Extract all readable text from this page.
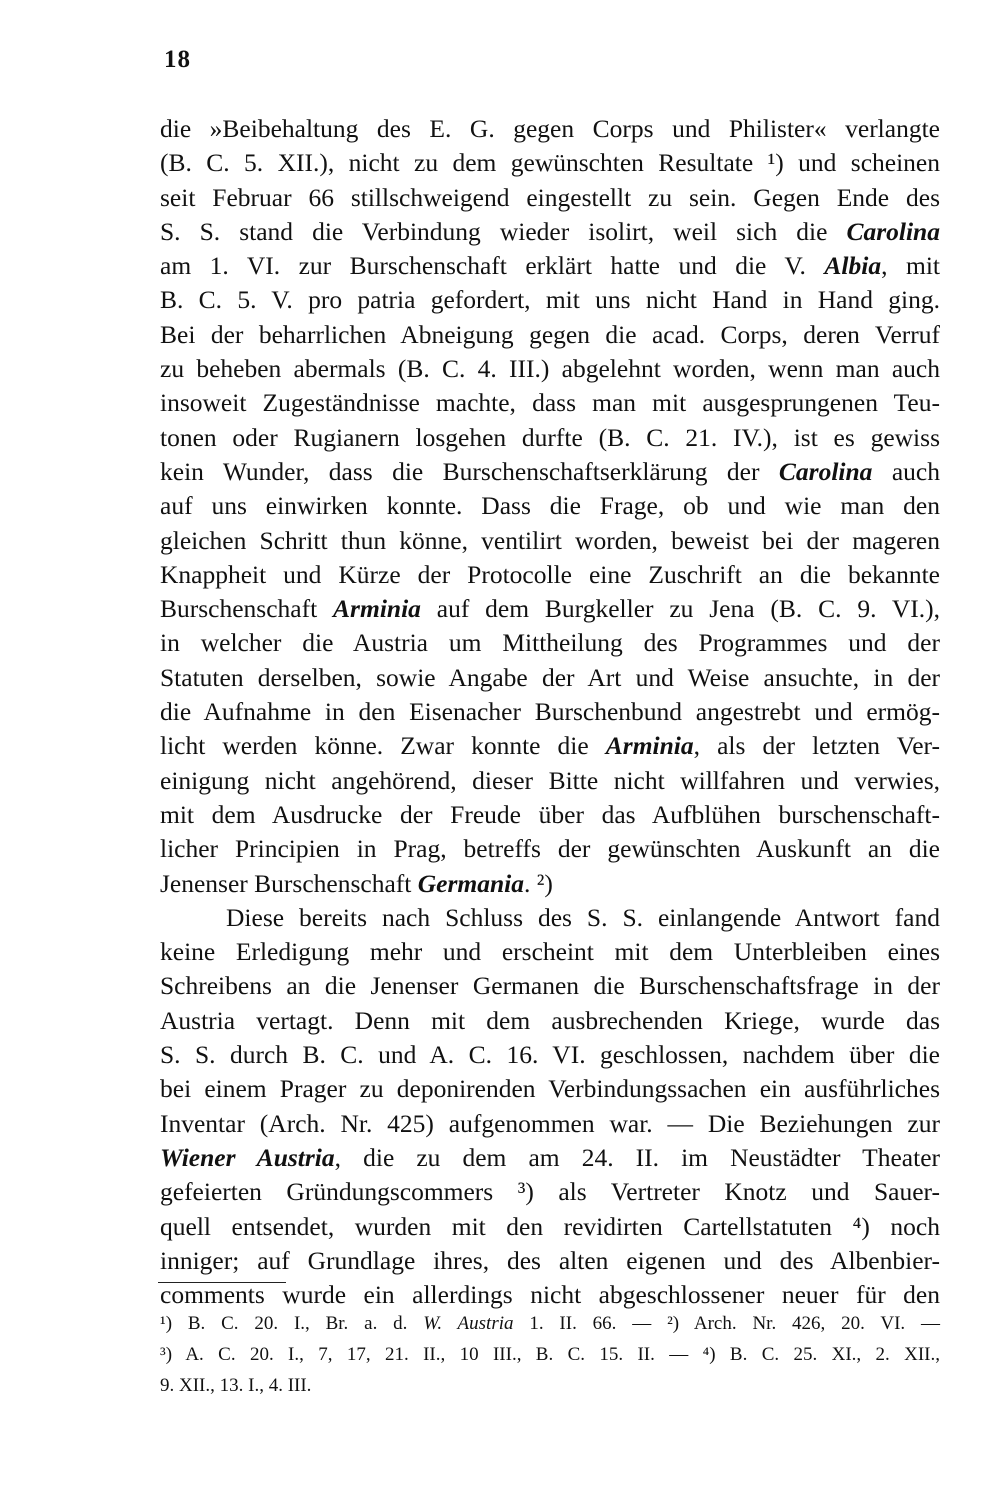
18
die »Beibehaltung des E. G. gegen Corps und Philister« verlangte
(B. C. 5. XII.), nicht zu dem gewünschten Resultate ¹) und scheinen
seit Februar 66 stillschweigend eingestellt zu sein. Gegen Ende des
S. S. stand die Verbindung wieder isolirt, weil sich die Carolina
am 1. VI. zur Burschenschaft erklärt hatte und die V. Albia, mit
B. C. 5. V. pro patria gefordert, mit uns nicht Hand in Hand ging.
Bei der beharrlichen Abneigung gegen die acad. Corps, deren Verruf
zu beheben abermals (B. C. 4. III.) abgelehnt worden, wenn man auch
insoweit Zugeständnisse machte, dass man mit ausgesprungenen Teu-
tonen oder Rugianern losgehen durfte (B. C. 21. IV.), ist es gewiss
kein Wunder, dass die Burschenschaftserklärung der Carolina auch
auf uns einwirken konnte. Dass die Frage, ob und wie man den
gleichen Schritt thun könne, ventilirt worden, beweist bei der mageren
Knappheit und Kürze der Protocolle eine Zuschrift an die bekannte
Burschenschaft Arminia auf dem Burgkeller zu Jena (B. C. 9. VI.),
in welcher die Austria um Mittheilung des Programmes und der
Statuten derselben, sowie Angabe der Art und Weise ansuchte, in der
die Aufnahme in den Eisenacher Burschenbund angestrebt und ermög-
licht werden könne. Zwar konnte die Arminia, als der letzten Ver-
einigung nicht angehörend, dieser Bitte nicht willfahren und verwies,
mit dem Ausdrucke der Freude über das Aufblühen burschenschaft-
licher Principien in Prag, betreffs der gewünschten Auskunft an die
Jenenser Burschenschaft Germania. ²)
Diese bereits nach Schluss des S. S. einlangende Antwort fand
keine Erledigung mehr und erscheint mit dem Unterbleiben eines
Schreibens an die Jenenser Germanen die Burschenschaftsfrage in der
Austria vertagt. Denn mit dem ausbrechenden Kriege, wurde das
S. S. durch B. C. und A. C. 16. VI. geschlossen, nachdem über die
bei einem Prager zu deponirenden Verbindungssachen ein ausführliches
Inventar (Arch. Nr. 425) aufgenommen war. — Die Beziehungen zur
Wiener Austria, die zu dem am 24. II. im Neustädter Theater
gefeierten Gründungscommers ³) als Vertreter Knotz und Sauer-
quell entsendet, wurden mit den revidirten Cartellstatuten ⁴) noch
inniger; auf Grundlage ihres, des alten eigenen und des Albenbier-
comments wurde ein allerdings nicht abgeschlossener neuer für den
¹) B. C. 20. I., Br. a. d. W. Austria 1. II. 66. — ²) Arch. Nr. 426, 20. VI. —
³) A. C. 20. I., 7, 17, 21. II., 10 III., B. C. 15. II. — ⁴) B. C. 25. XI., 2. XII.,
9. XII., 13. I., 4. III.
